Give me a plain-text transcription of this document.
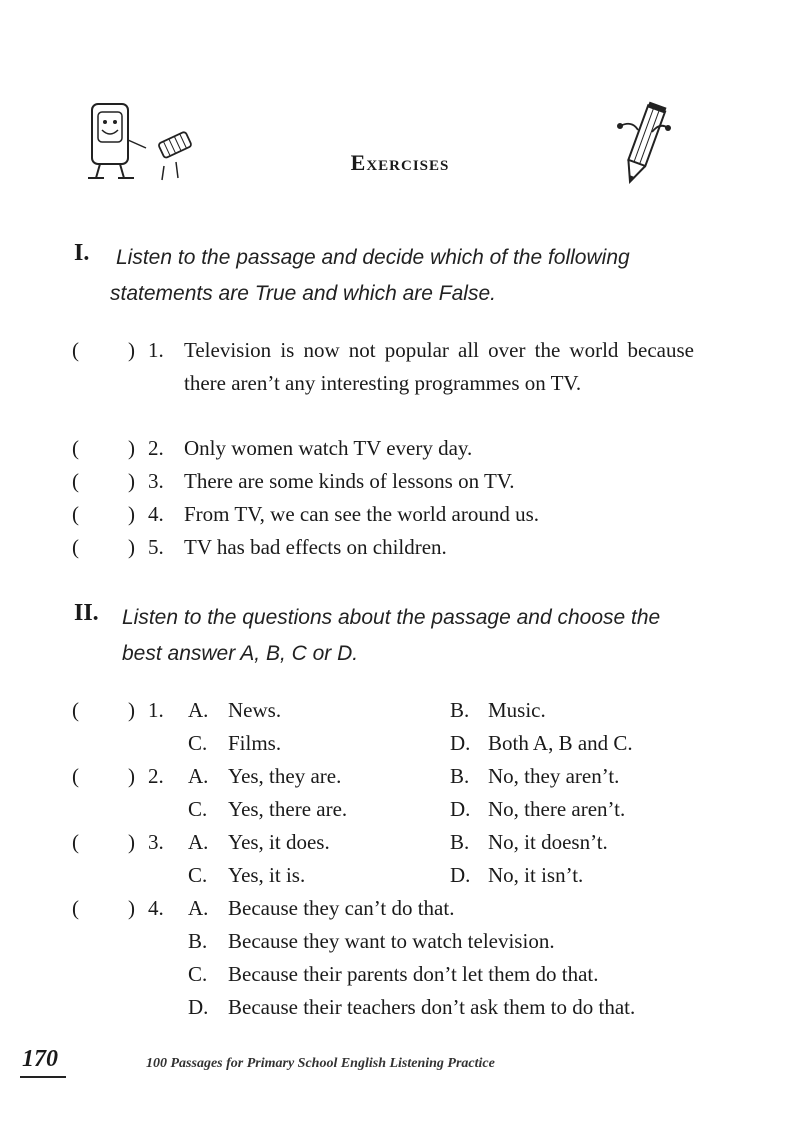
Exercises
I. Listen to the passage and decide which of the following
statements are True and which are False.
( ) 1. Television is now not popular all over the world because there aren’t any interesting programmes on TV.
( ) 2. Only women watch TV every day.
( ) 3. There are some kinds of lessons on TV.
( ) 4. From TV, we can see the world around us.
( ) 5. TV has bad effects on children.
II. Listen to the questions about the passage and choose the
best answer A, B, C or D.
( ) 1. A. News.	B. Music.
C. Films.	D. Both A, B and C.
( ) 2. A. Yes, they are.	B. No, they aren’t.
C. Yes, there are.	D. No, there aren’t.
( ) 3. A. Yes, it does.	B. No, it doesn’t.
C. Yes, it is.	D. No, it isn’t.
( ) 4. A. Because they can’t do that.
B. Because they want to watch television.
C. Because their parents don’t let them do that.
D. Because their teachers don’t ask them to do that.
170	100 Passages for Primary School English Listening Practice
